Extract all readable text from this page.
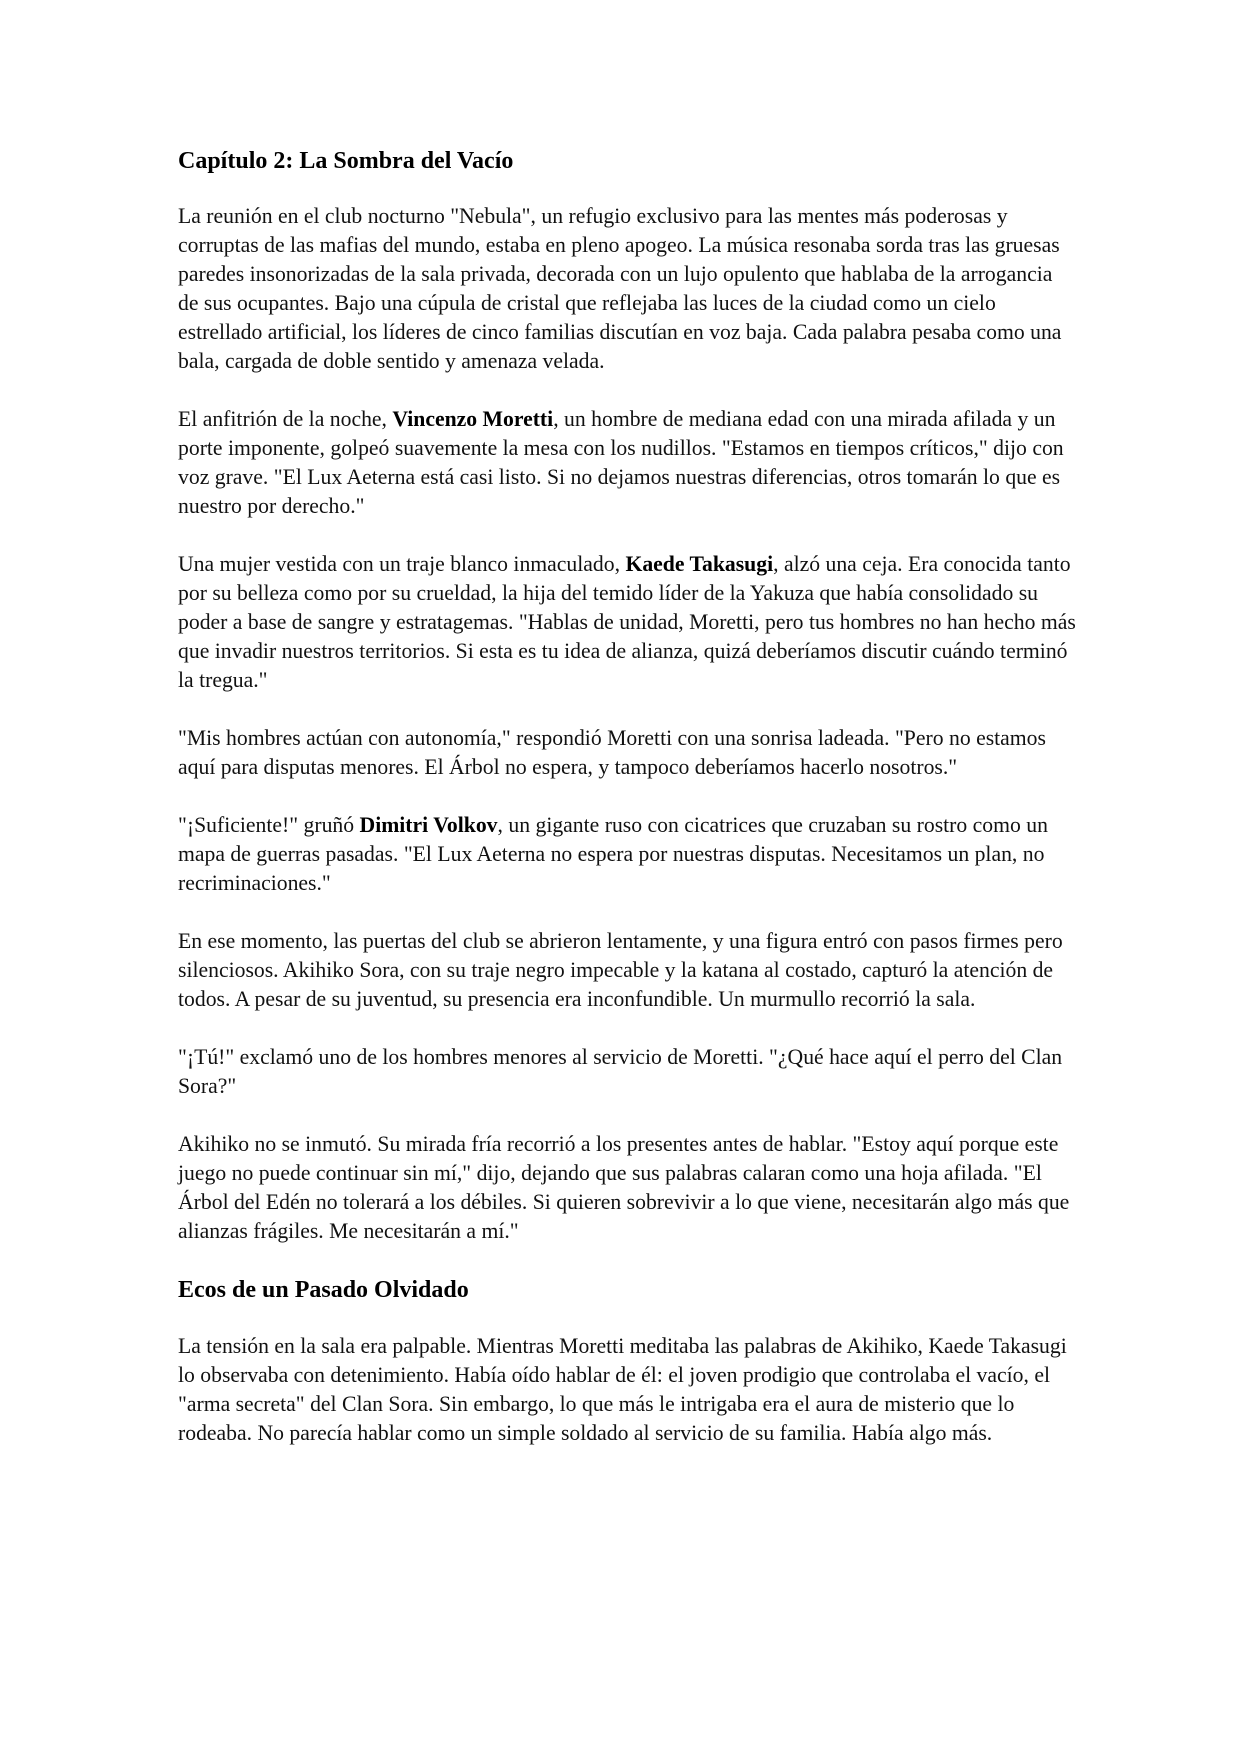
Capítulo 2: La Sombra del Vacío

La reunión en el club nocturno "Nebula", un refugio exclusivo para las mentes más poderosas y corruptas de las mafias del mundo, estaba en pleno apogeo. La música resonaba sorda tras las gruesas paredes insonorizadas de la sala privada, decorada con un lujo opulento que hablaba de la arrogancia de sus ocupantes. Bajo una cúpula de cristal que reflejaba las luces de la ciudad como un cielo estrellado artificial, los líderes de cinco familias discutían en voz baja. Cada palabra pesaba como una bala, cargada de doble sentido y amenaza velada.

El anfitrión de la noche, Vincenzo Moretti, un hombre de mediana edad con una mirada afilada y un porte imponente, golpeó suavemente la mesa con los nudillos. "Estamos en tiempos críticos," dijo con voz grave. "El Lux Aeterna está casi listo. Si no dejamos nuestras diferencias, otros tomarán lo que es nuestro por derecho."

Una mujer vestida con un traje blanco inmaculado, Kaede Takasugi, alzó una ceja. Era conocida tanto por su belleza como por su crueldad, la hija del temido líder de la Yakuza que había consolidado su poder a base de sangre y estratagemas. "Hablas de unidad, Moretti, pero tus hombres no han hecho más que invadir nuestros territorios. Si esta es tu idea de alianza, quizá deberíamos discutir cuándo terminó la tregua."

"Mis hombres actúan con autonomía," respondió Moretti con una sonrisa ladeada. "Pero no estamos aquí para disputas menores. El Árbol no espera, y tampoco deberíamos hacerlo nosotros."

"¡Suficiente!" gruñó Dimitri Volkov, un gigante ruso con cicatrices que cruzaban su rostro como un mapa de guerras pasadas. "El Lux Aeterna no espera por nuestras disputas. Necesitamos un plan, no recriminaciones."

En ese momento, las puertas del club se abrieron lentamente, y una figura entró con pasos firmes pero silenciosos. Akihiko Sora, con su traje negro impecable y la katana al costado, capturó la atención de todos. A pesar de su juventud, su presencia era inconfundible. Un murmullo recorrió la sala.

"¡Tú!" exclamó uno de los hombres menores al servicio de Moretti. "¿Qué hace aquí el perro del Clan Sora?"

Akihiko no se inmutó. Su mirada fría recorrió a los presentes antes de hablar. "Estoy aquí porque este juego no puede continuar sin mí," dijo, dejando que sus palabras calaran como una hoja afilada. "El Árbol del Edén no tolerará a los débiles. Si quieren sobrevivir a lo que viene, necesitarán algo más que alianzas frágiles. Me necesitarán a mí."

Ecos de un Pasado Olvidado

La tensión en la sala era palpable. Mientras Moretti meditaba las palabras de Akihiko, Kaede Takasugi lo observaba con detenimiento. Había oído hablar de él: el joven prodigio que controlaba el vacío, el "arma secreta" del Clan Sora. Sin embargo, lo que más le intrigaba era el aura de misterio que lo rodeaba. No parecía hablar como un simple soldado al servicio de su familia. Había algo más.
